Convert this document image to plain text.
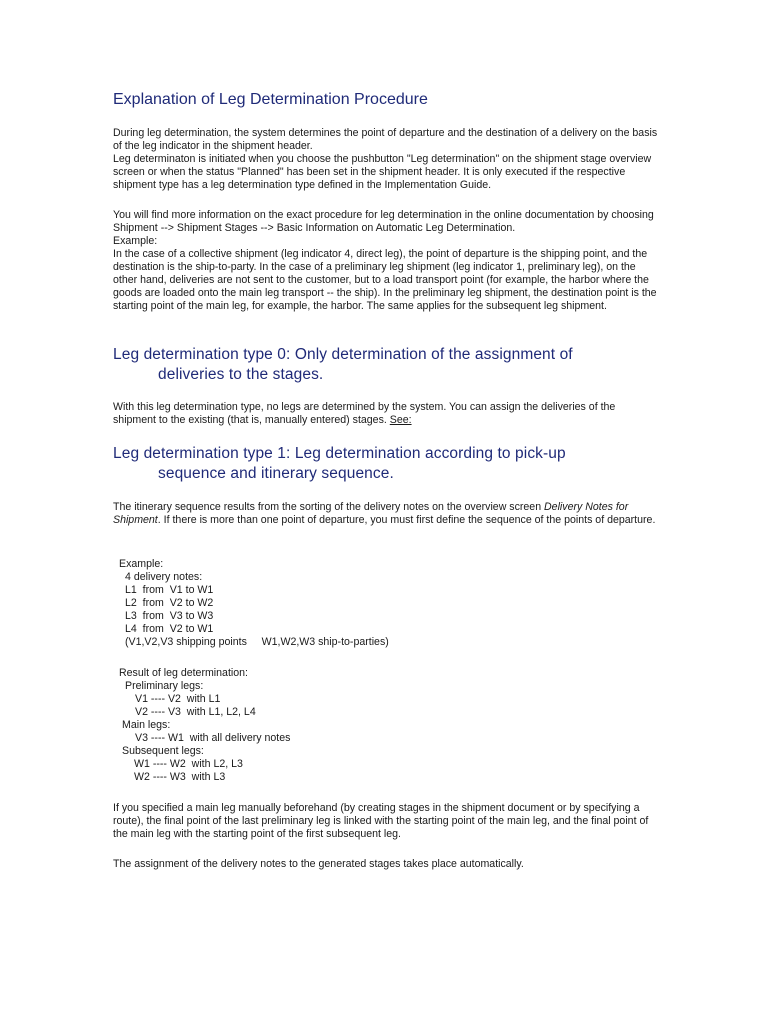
Explanation of Leg Determination Procedure

During leg determination, the system determines the point of departure and the destination of a delivery on the basis of the leg indicator in the shipment header.

Leg determinaton is initiated when you choose the pushbutton "Leg determination" on the shipment stage overview screen or when the status "Planned" has been set in the shipment header. It is only executed if the respective shipment type has a leg determination type defined in the Implementation Guide.

You will find more information on the exact procedure for leg determination in the online documentation by choosing Shipment --> Shipment Stages --> Basic Information on Automatic Leg Determination.

Example:

In the case of a collective shipment (leg indicator 4, direct leg), the point of departure is the shipping point, and the destination is the ship-to-party. In the case of a preliminary leg shipment (leg indicator 1, preliminary leg), on the other hand, deliveries are not sent to the customer, but to a load transport point (for example, the harbor where the goods are loaded onto the main leg transport -- the ship). In the preliminary leg shipment, the destination point is the starting point of the main leg, for example, the harbor. The same applies for the subsequent leg shipment.

Leg determination type 0: Only determination of the assignment of
deliveries to the stages.

With this leg determination type, no legs are determined by the system. You can assign the deliveries of the shipment to the existing (that is, manually entered) stages. See:

Leg determination type 1: Leg determination according to pick-up
sequence and itinerary sequence.

The itinerary sequence results from the sorting of the delivery notes on the overview screen Delivery Notes for Shipment. If there is more than one point of departure, you must first define the sequence of the points of departure.

Example:
4 delivery notes:
L1  from  V1 to W1
L2  from  V2 to W2
L3  from  V3 to W3
L4  from  V2 to W1
(V1,V2,V3 shipping points     W1,W2,W3 ship-to-parties)
Result of leg determination:
Preliminary legs:
V1 ---- V2  with L1
V2 ---- V3  with L1, L2, L4
Main legs:
V3 ---- W1  with all delivery notes
Subsequent legs:
W1 ---- W2  with L2, L3
W2 ---- W3  with L3

If you specified a main leg manually beforehand (by creating stages in the shipment document or by specifying a route), the final point of the last preliminary leg is linked with the starting point of the main leg, and the final point of the main leg with the starting point of the first subsequent leg.

The assignment of the delivery notes to the generated stages takes place automatically.
